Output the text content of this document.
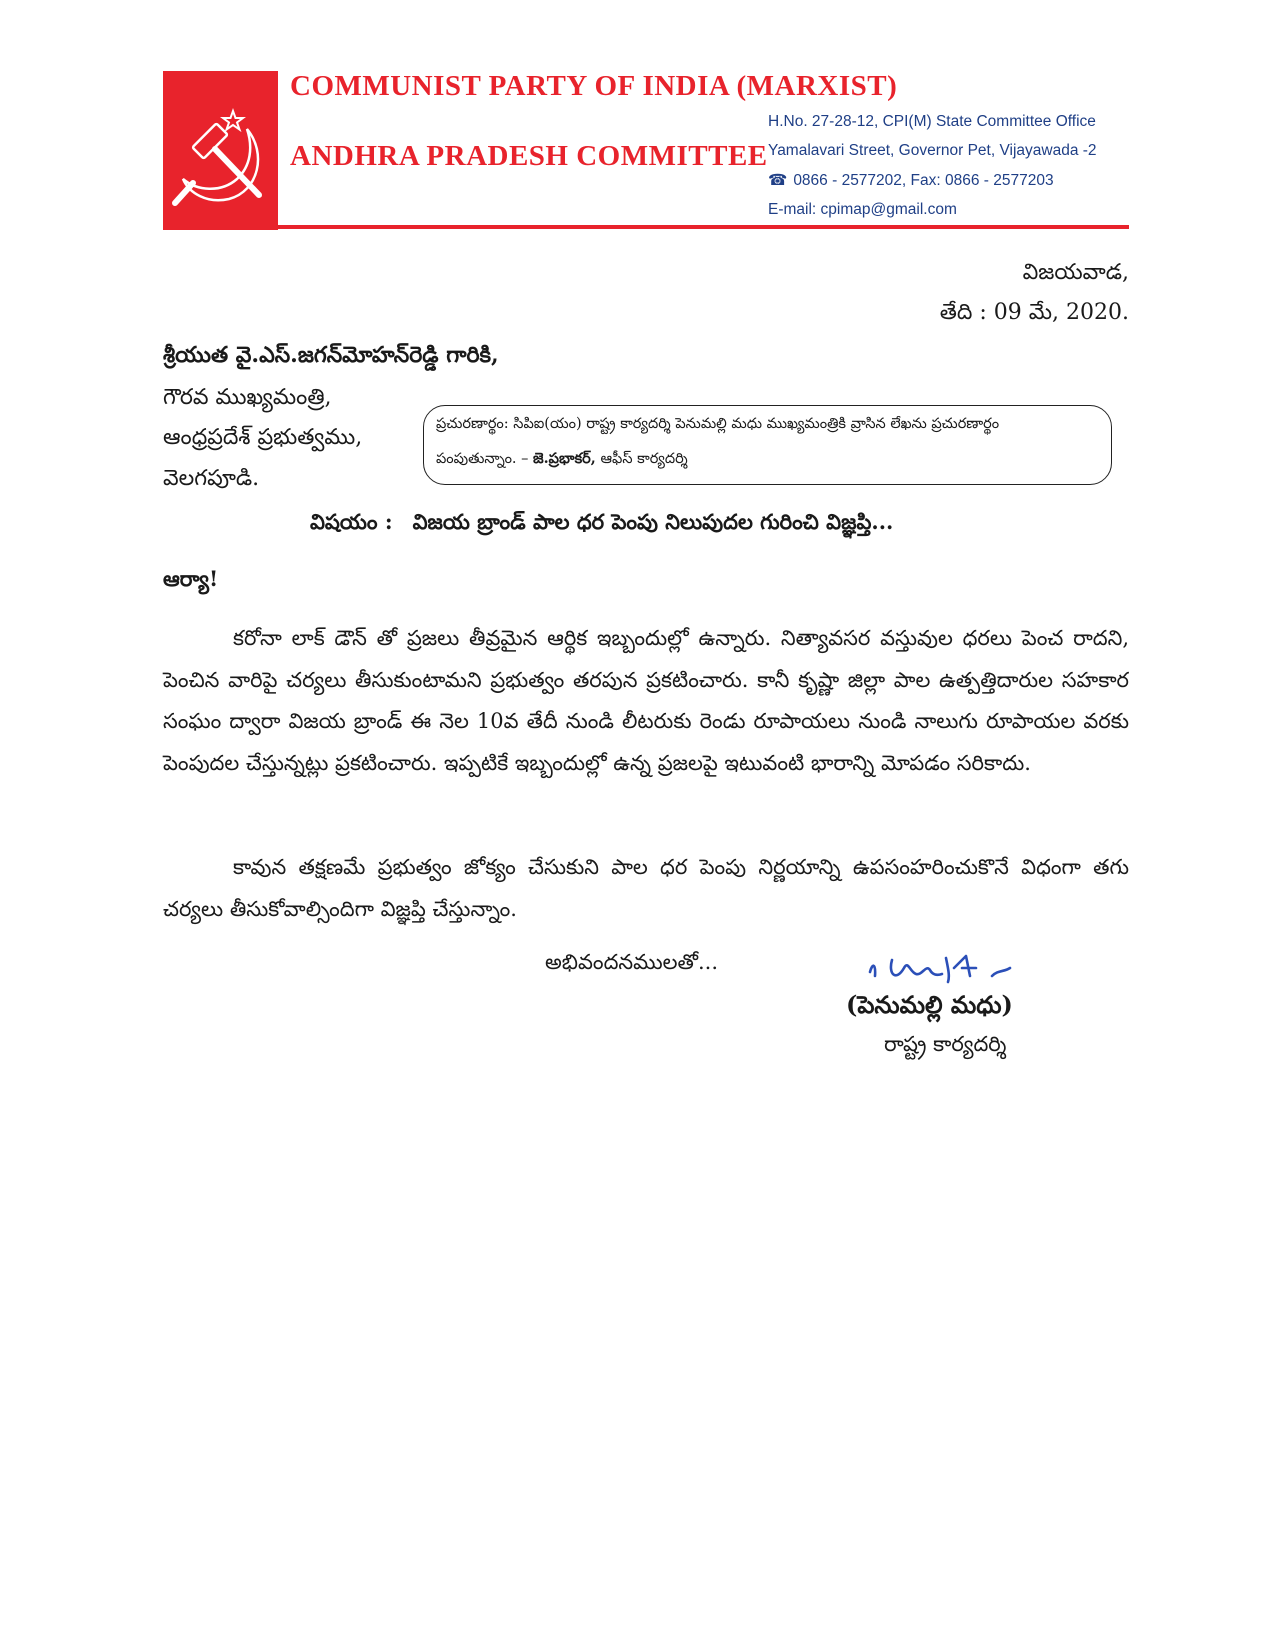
COMMUNIST PARTY OF INDIA (MARXIST)
ANDHRA PRADESH COMMITTEE
H.No. 27-28-12, CPI(M) State Committee Office
Yamalavari Street, Governor Pet, Vijayawada -2
☎ 0866 - 2577202, Fax: 0866 - 2577203
E-mail: cpimap@gmail.com
విజయవాడ,
తేది : 09 మే, 2020.
శ్రీయుత వై.ఎస్.జగన్‌మోహన్‌రెడ్డి గారికి,
గౌరవ ముఖ్యమంత్రి,
ఆంధ్రప్రదేశ్ ప్రభుత్వము,
వెలగపూడి.
ప్రచురణార్థం: సిపిఐ(యం) రాష్ట్ర కార్యదర్శి పెనుమల్లి మధు ముఖ్యమంత్రికి వ్రాసిన లేఖను ప్రచురణార్థం
పంపుతున్నాం. – జె.ప్రభాకర్, ఆఫీస్ కార్యదర్శి
విషయం : విజయ బ్రాండ్ పాల ధర పెంపు నిలుపుదల గురించి విజ్ఞప్తి...
ఆర్యా!
కరోనా లాక్ డౌన్ తో ప్రజలు తీవ్రమైన ఆర్థిక ఇబ్బందుల్లో ఉన్నారు. నిత్యావసర వస్తువుల ధరలు పెంచ రాదని, పెంచిన వారిపై చర్యలు తీసుకుంటామని ప్రభుత్వం తరపున ప్రకటించారు. కానీ కృష్ణా జిల్లా పాల ఉత్పత్తిదారుల సహకార సంఘం ద్వారా విజయ బ్రాండ్ ఈ నెల 10వ తేదీ నుండి లీటరుకు రెండు రూపాయలు నుండి నాలుగు రూపాయల వరకు పెంపుదల చేస్తున్నట్లు ప్రకటించారు. ఇప్పటికే ఇబ్బందుల్లో ఉన్న ప్రజలపై ఇటువంటి భారాన్ని మోపడం సరికాదు.
కావున తక్షణమే ప్రభుత్వం జోక్యం చేసుకుని పాల ధర పెంపు నిర్ణయాన్ని ఉపసంహరించుకొనే విధంగా తగు చర్యలు తీసుకోవాల్సిందిగా విజ్ఞప్తి చేస్తున్నాం.
అభివందనములతో...
(పెనుమల్లి మధు)
రాష్ట్ర కార్యదర్శి
